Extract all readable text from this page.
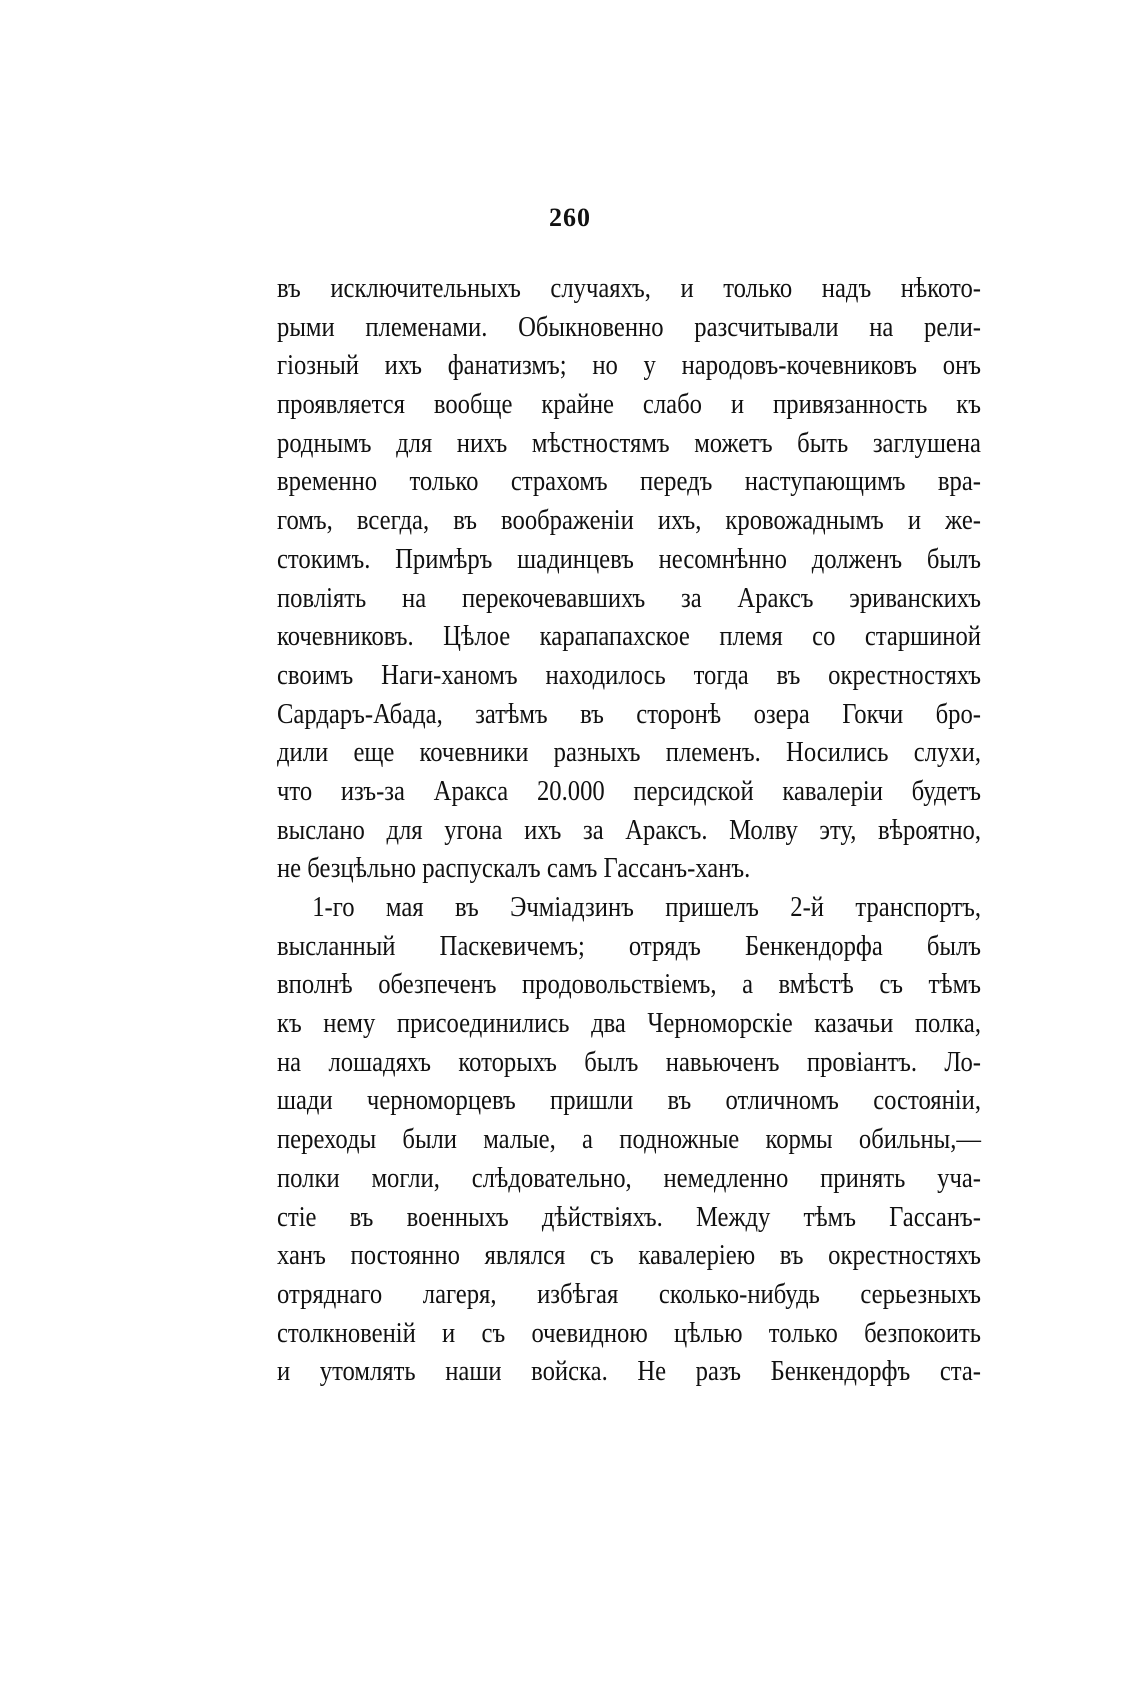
260
въ исключительныхъ случаяхъ, и только надъ нѣкото-
рыми племенами. Обыкновенно разсчитывали на рели-
гіозный ихъ фанатизмъ; но у народовъ-кочевниковъ онъ
проявляется вообще крайне слабо и привязанность къ
роднымъ для нихъ мѣстностямъ можетъ быть заглушена
временно только страхомъ передъ наступающимъ вра-
гомъ, всегда, въ воображеніи ихъ, кровожаднымъ и же-
стокимъ. Примѣръ шадинцевъ несомнѣнно долженъ былъ
повліять на перекочевавшихъ за Араксъ эриванскихъ
кочевниковъ. Цѣлое карапапахское племя со старшиной
своимъ Наги-ханомъ находилось тогда въ окрестностяхъ
Сардаръ-Абада, затѣмъ въ сторонѣ озера Гокчи бро-
дили еще кочевники разныхъ племенъ. Носились слухи,
что изъ-за Аракса 20.000 персидской кавалеріи будетъ
выслано для угона ихъ за Араксъ. Молву эту, вѣроятно,
не безцѣльно распускалъ самъ Гассанъ-ханъ.
1-го мая въ Эчміадзинъ пришелъ 2-й транспортъ,
высланный Паскевичемъ; отрядъ Бенкендорфа былъ
вполнѣ обезпеченъ продовольствіемъ, а вмѣстѣ съ тѣмъ
къ нему присоединились два Черноморскіе казачьи полка,
на лошадяхъ которыхъ былъ навьюченъ провіантъ. Ло-
шади черноморцевъ пришли въ отличномъ состояніи,
переходы были малые, а подножные кормы обильны,—
полки могли, слѣдовательно, немедленно принять уча-
стіе въ военныхъ дѣйствіяхъ. Между тѣмъ Гассанъ-
ханъ постоянно являлся съ кавалеріею въ окрестностяхъ
отряднаго лагеря, избѣгая сколько-нибудь серьезныхъ
столкновеній и съ очевидною цѣлью только безпокоить
и утомлять наши войска. Не разъ Бенкендорфъ ста-
